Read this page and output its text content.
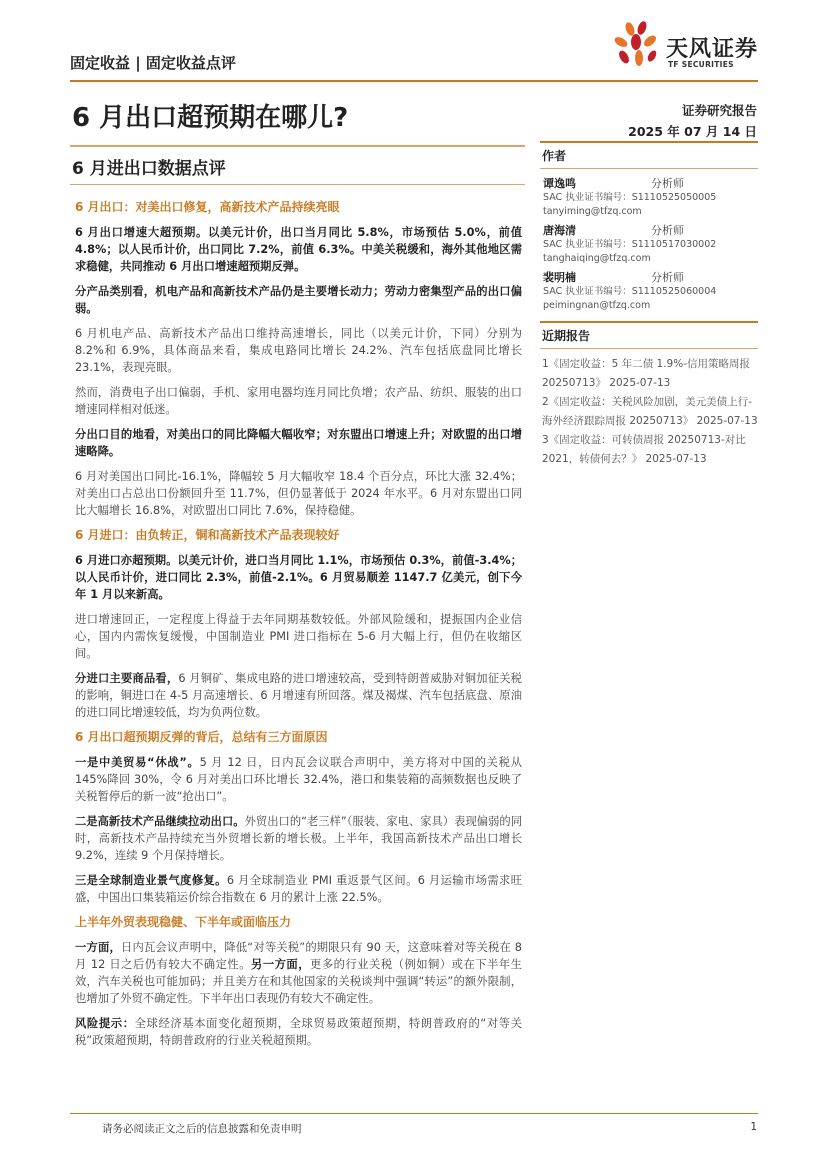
固定收益 | 固定收益点评
天风证券
TF SECURITIES
6 月出口超预期在哪儿?	证券研究报告
2025 年 07 月 14 日
6 月进出口数据点评
6 月出口：对美出口修复，高新技术产品持续亮眼

6 月出口增速大超预期。以美元计价，出口当月同比 5.8%，市场预估 5.0%，前值 4.8%；以人民币计价，出口同比 7.2%，前值 6.3%。中美关税缓和，海外其他地区需求稳健，共同推动 6 月出口增速超预期反弹。

分产品类别看，机电产品和高新技术产品仍是主要增长动力；劳动力密集型产品的出口偏弱。

6 月机电产品、高新技术产品出口维持高速增长，同比（以美元计价，下同）分别为 8.2%和 6.9%，具体商品来看，集成电路同比增长 24.2%、汽车包括底盘同比增长 23.1%，表现亮眼。

然而，消费电子出口偏弱，手机、家用电器均连月同比负增；农产品、纺织、服装的出口增速同样相对低迷。

分出口目的地看，对美出口的同比降幅大幅收窄；对东盟出口增速上升；对欧盟的出口增速略降。

6 月对美国出口同比-16.1%，降幅较 5 月大幅收窄 18.4 个百分点，环比大涨 32.4%；对美出口占总出口份额回升至 11.7%，但仍显著低于 2024 年水平。6 月对东盟出口同比大幅增长 16.8%，对欧盟出口同比 7.6%，保持稳健。

6 月进口：由负转正，铜和高新技术产品表现较好

6 月进口亦超预期。以美元计价，进口当月同比 1.1%，市场预估 0.3%，前值-3.4%；以人民币计价，进口同比 2.3%，前值-2.1%。6 月贸易顺差 1147.7 亿美元，创下今年 1 月以来新高。

进口增速回正，一定程度上得益于去年同期基数较低。外部风险缓和，提振国内企业信心，国内内需恢复缓慢，中国制造业 PMI 进口指标在 5-6 月大幅上行，但仍在收缩区间。

分进口主要商品看，6 月铜矿、集成电路的进口增速较高，受到特朗普威胁对铜加征关税的影响，铜进口在 4-5 月高速增长、6 月增速有所回落。煤及褐煤、汽车包括底盘、原油的进口同比增速较低，均为负两位数。

6 月出口超预期反弹的背后，总结有三方面原因

一是中美贸易“休战”。5 月 12 日，日内瓦会议联合声明中，美方将对中国的关税从 145%降回 30%，令 6 月对美出口环比增长 32.4%，港口和集装箱的高频数据也反映了关税暂停后的新一波“抢出口”。

二是高新技术产品继续拉动出口。外贸出口的“老三样”（服装、家电、家具）表现偏弱的同时，高新技术产品持续充当外贸增长新的增长极。上半年，我国高新技术产品出口增长 9.2%，连续 9 个月保持增长。

三是全球制造业景气度修复。6 月全球制造业 PMI 重返景气区间。6 月运输市场需求旺盛，中国出口集装箱运价综合指数在 6 月的累计上涨 22.5%。

上半年外贸表现稳健、下半年或面临压力

一方面，日内瓦会议声明中，降低“对等关税”的期限只有 90 天，这意味着对等关税在 8 月 12 日之后仍有较大不确定性。另一方面，更多的行业关税（例如铜）或在下半年生效，汽车关税也可能加码；并且美方在和其他国家的关税谈判中强调“转运”的额外限制，也增加了外贸不确定性。下半年出口表现仍有较大不确定性。

风险提示：全球经济基本面变化超预期，全球贸易政策超预期，特朗普政府的“对等关税”政策超预期，特朗普政府的行业关税超预期。

作者
谭逸鸣	分析师
SAC 执业证书编号：S1110525050005
tanyiming@tfzq.com
唐海清	分析师
SAC 执业证书编号：S1110517030002
tanghaiqing@tfzq.com
裴明楠	分析师
SAC 执业证书编号：S1110525060004
peimingnan@tfzq.com
近期报告
1《固定收益：5 年二债 1.9%-信用策略周报 20250713》 2025-07-13
2《固定收益：关税风险加剧，美元美债上行-海外经济跟踪周报 20250713》 2025-07-13
3《固定收益：可转债周报 20250713-对比 2021，转债何去？》 2025-07-13
请务必阅读正文之后的信息披露和免责申明	1
